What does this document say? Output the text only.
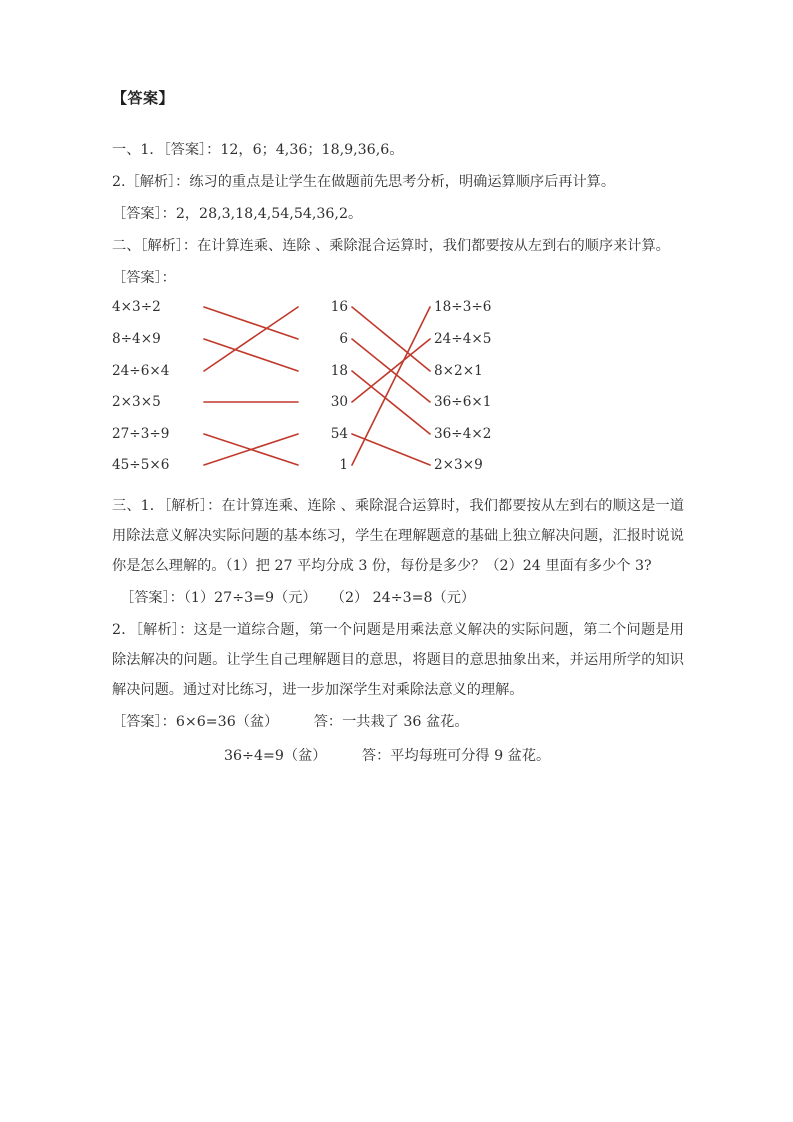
【答案】

一、1．［答案］：12，6；4,36；18,9,36,6。

2.［解析］：练习的重点是让学生在做题前先思考分析，明确运算顺序后再计算。

［答案］：2，28,3,18,4,54,54,36,2。

二、［解析］：在计算连乘、连除 、乘除混合运算时，我们都要按从左到右的顺序来计算。

［答案］：

4×3÷2
8÷4×9
24÷6×4
2×3×5
27÷3÷9
45÷5×6
16
6
18
30
54
1
18÷3÷6
24÷4×5
8×2×1
36÷6×1
36÷4×2
2×3×9

三、1．［解析］：在计算连乘、连除 、乘除混合运算时，我们都要按从左到右的顺这是一道用除法意义解决实际问题的基本练习，学生在理解题意的基础上独立解决问题，汇报时说说你是怎么理解的。（1）把 27 平均分成 3 份，每份是多少？（2）24 里面有多少个 3?

［答案］：（1）27÷3=9（元）　　（2） 24÷3=8（元）

2．［解析］：这是一道综合题，第一个问题是用乘法意义解决的实际问题，第二个问题是用除法解决的问题。让学生自己理解题目的意思，将题目的意思抽象出来，并运用所学的知识解决问题。通过对比练习，进一步加深学生对乘除法意义的理解。

［答案］：6×6=36（盆）　　　答：一共栽了 36 盆花。

36÷4=9（盆）　　　答：平均每班可分得 9 盆花。
